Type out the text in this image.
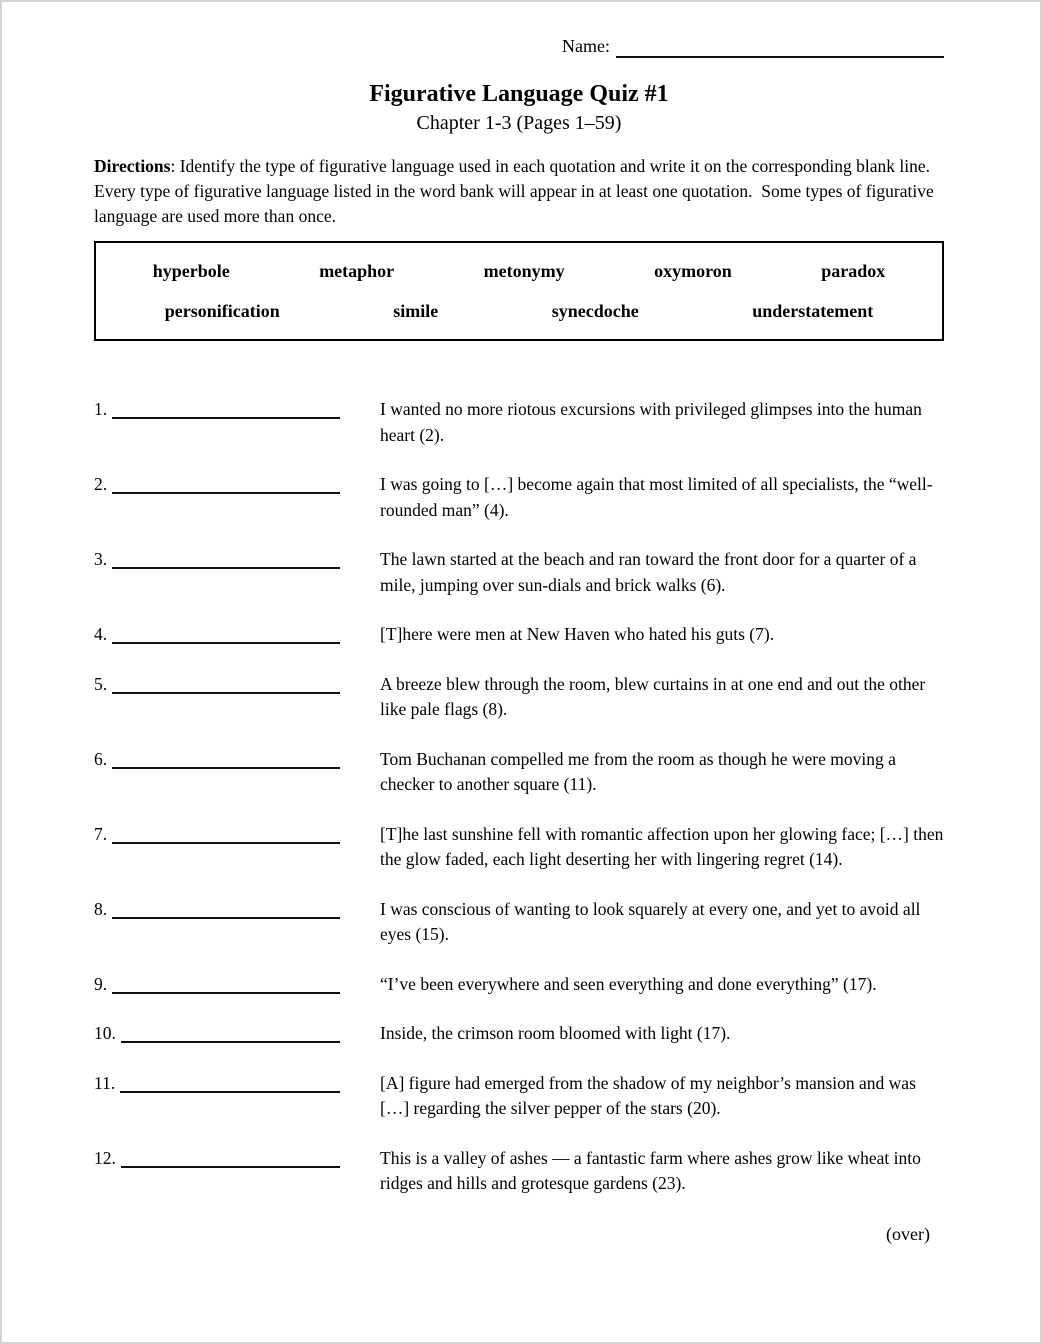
Name:
Figurative Language Quiz #1
Chapter 1-3 (Pages 1–59)
Directions: Identify the type of figurative language used in each quotation and write it on the corresponding blank line.  Every type of figurative language listed in the word bank will appear in at least one quotation.  Some types of figurative language are used more than once.
hyperbole	metaphor	metonymy	oxymoron	paradox
personification	simile	synecdoche	understatement
1.	I wanted no more riotous excursions with privileged glimpses into the human heart (2).
2.	I was going to […] become again that most limited of all specialists, the “well-rounded man” (4).
3.	The lawn started at the beach and ran toward the front door for a quarter of a mile, jumping over sun-dials and brick walks (6).
4.	[T]here were men at New Haven who hated his guts (7).
5.	A breeze blew through the room, blew curtains in at one end and out the other like pale flags (8).
6.	Tom Buchanan compelled me from the room as though he were moving a checker to another square (11).
7.	[T]he last sunshine fell with romantic affection upon her glowing face; […] then the glow faded, each light deserting her with lingering regret (14).
8.	I was conscious of wanting to look squarely at every one, and yet to avoid all eyes (15).
9.	“I’ve been everywhere and seen everything and done everything” (17).
10.	Inside, the crimson room bloomed with light (17).
11.	[A] figure had emerged from the shadow of my neighbor’s mansion and was […] regarding the silver pepper of the stars (20).
12.	This is a valley of ashes — a fantastic farm where ashes grow like wheat into ridges and hills and grotesque gardens (23).
(over)
